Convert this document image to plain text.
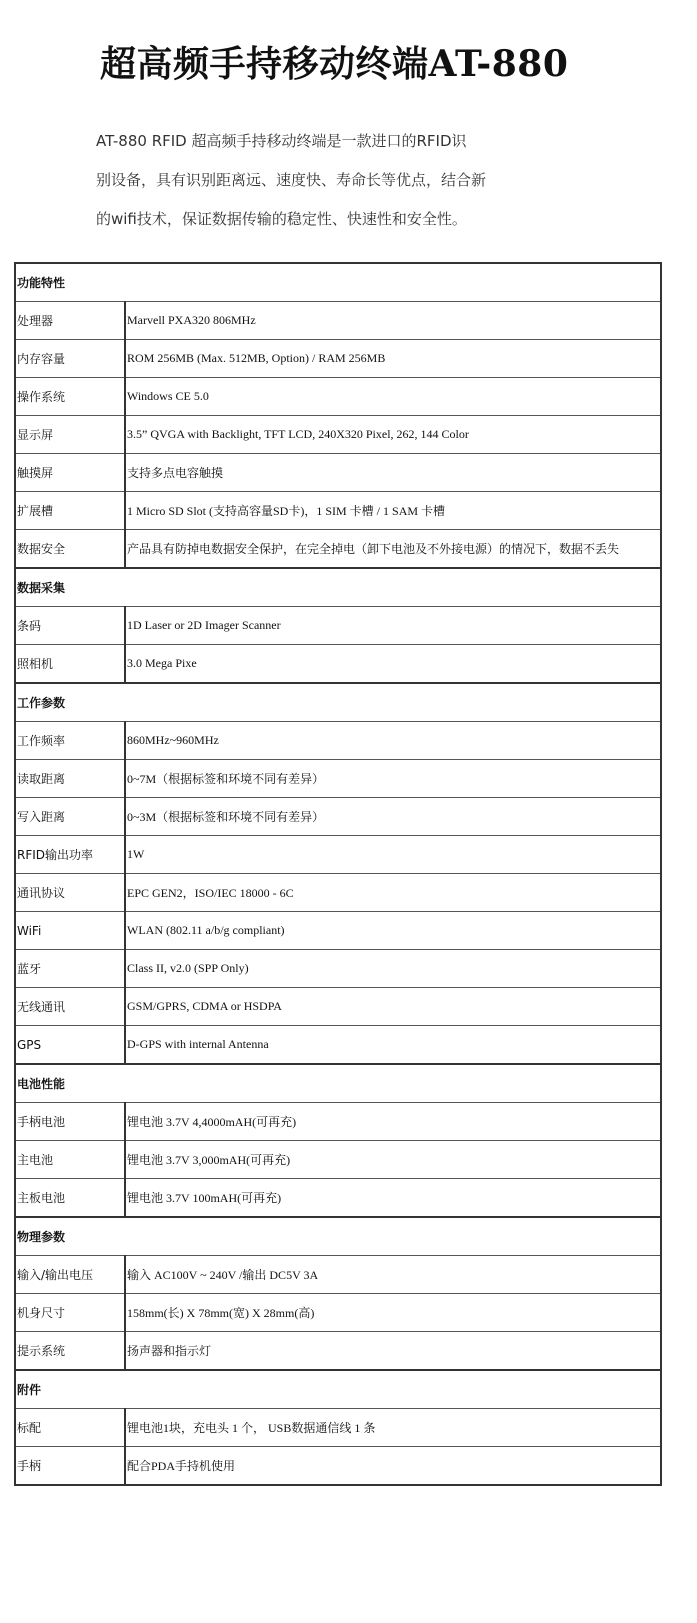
超高频手持移动终端AT-880
AT-880 RFID 超高频手持移动终端是一款进口的RFID识
别设备，具有识别距离远、速度快、寿命长等优点，结合新
的wifi技术，保证数据传输的稳定性、快速性和安全性。
功能特性	
处理器	Marvell PXA320 806MHz
内存容量	ROM 256MB (Max. 512MB, Option) / RAM 256MB
操作系统	Windows CE 5.0
显示屏	3.5” QVGA with Backlight, TFT LCD, 240X320 Pixel, 262, 144 Color
触摸屏	支持多点电容触摸
扩展槽	1 Micro SD Slot (支持高容量SD卡)，1 SIM 卡槽 / 1 SAM 卡槽
数据安全	产品具有防掉电数据安全保护，在完全掉电（卸下电池及不外接电源）的情况下，数据不丢失
数据采集	
条码	1D Laser or 2D Imager Scanner
照相机	3.0 Mega Pixe
工作参数	
工作频率	860MHz~960MHz
读取距离	0~7M（根据标签和环境不同有差异）
写入距离	0~3M（根据标签和环境不同有差异）
RFID输出功率	1W
通讯协议	EPC GEN2，ISO/IEC 18000 - 6C
WiFi	WLAN (802.11 a/b/g compliant)
蓝牙	Class II, v2.0 (SPP Only)
无线通讯	GSM/GPRS, CDMA or HSDPA
GPS	D-GPS with internal Antenna
电池性能	
手柄电池	锂电池 3.7V 4,4000mAH(可再充)
主电池	锂电池 3.7V 3,000mAH(可再充)
主板电池	锂电池 3.7V 100mAH(可再充)
物理参数	
输入/输出电压	输入 AC100V ~ 240V /输出 DC5V 3A
机身尺寸	158mm(长) X 78mm(宽) X 28mm(高)
提示系统	扬声器和指示灯
附件	
标配	锂电池1块，充电头 1 个， USB数据通信线 1 条
手柄	配合PDA手持机使用
